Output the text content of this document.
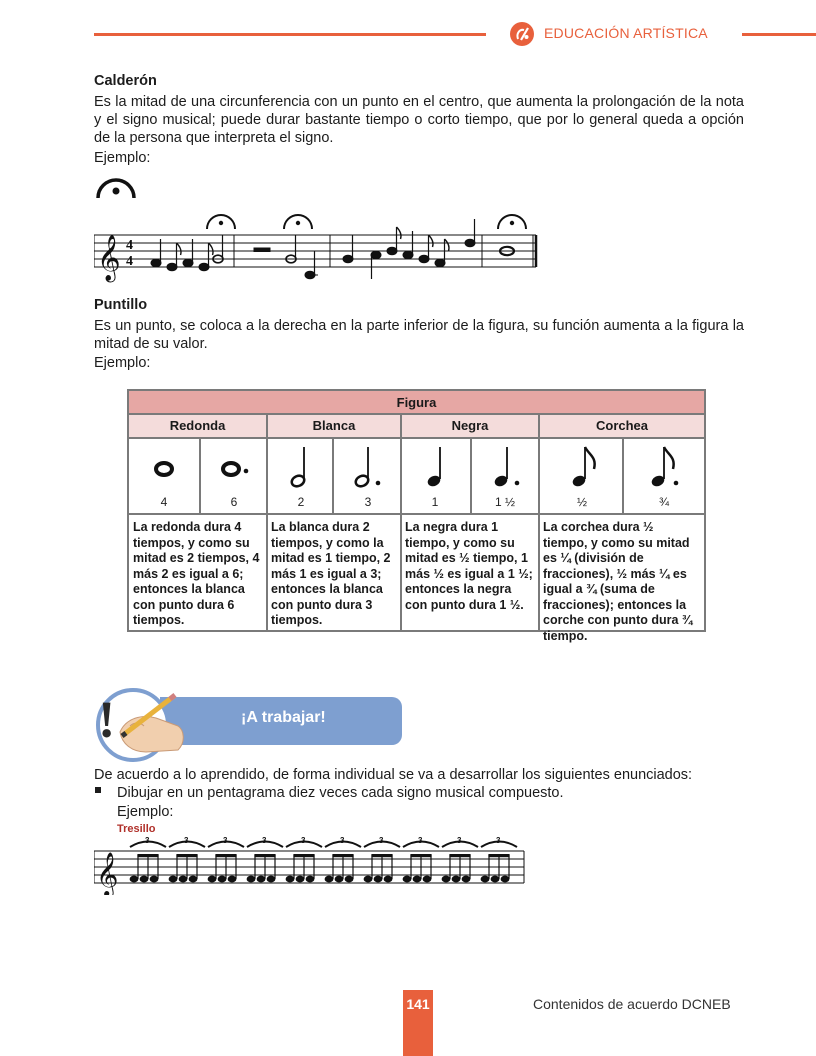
EDUCACIÓN ARTÍSTICA
Calderón
Es la mitad de una circunferencia con un punto en el centro, que aumenta la prolongación de la nota y el signo musical; puede durar bastante tiempo o corto tiempo, que por lo general queda a opción de la persona que interpreta el signo.
Ejemplo:
𝄞 4
4
Puntillo
Es un punto, se coloca a la derecha en la parte inferior de la figura, su función aumenta a la figura la mitad de su valor.
Ejemplo:
Figura
Redonda	Blanca	Negra	Corchea
4	6	2	3	1	1 ½	½	¾
La redonda dura 4 tiempos, y como su mitad es 2 tiempos, 4 más 2 es igual a 6; entonces la blanca con punto dura 6 tiempos.
La blanca dura 2 tiempos, y como la mitad es 1 tiempo, 2 más 1 es igual a 3; entonces la blanca con punto dura 3 tiempos.
La negra dura 1 tiempo, y como su mitad es ½ tiempo, 1 más ½ es igual a 1 ½; entonces la negra con punto dura 1 ½.
La corchea dura ½ tiempo, y como su mitad es ¼ (división de fracciones), ½ más ¼ es igual a ¾ (suma de fracciones); entonces la corche con punto dura ¾ tiempo.
¡A trabajar!
!
De acuerdo a lo aprendido, de forma individual se va a desarrollar los siguientes enunciados:
Dibujar en un pentagrama diez veces cada signo musical compuesto.
Ejemplo:
Tresillo
𝄞
3	3	3	3	3	3	3	3	3	3
141	Contenidos de acuerdo DCNEB
